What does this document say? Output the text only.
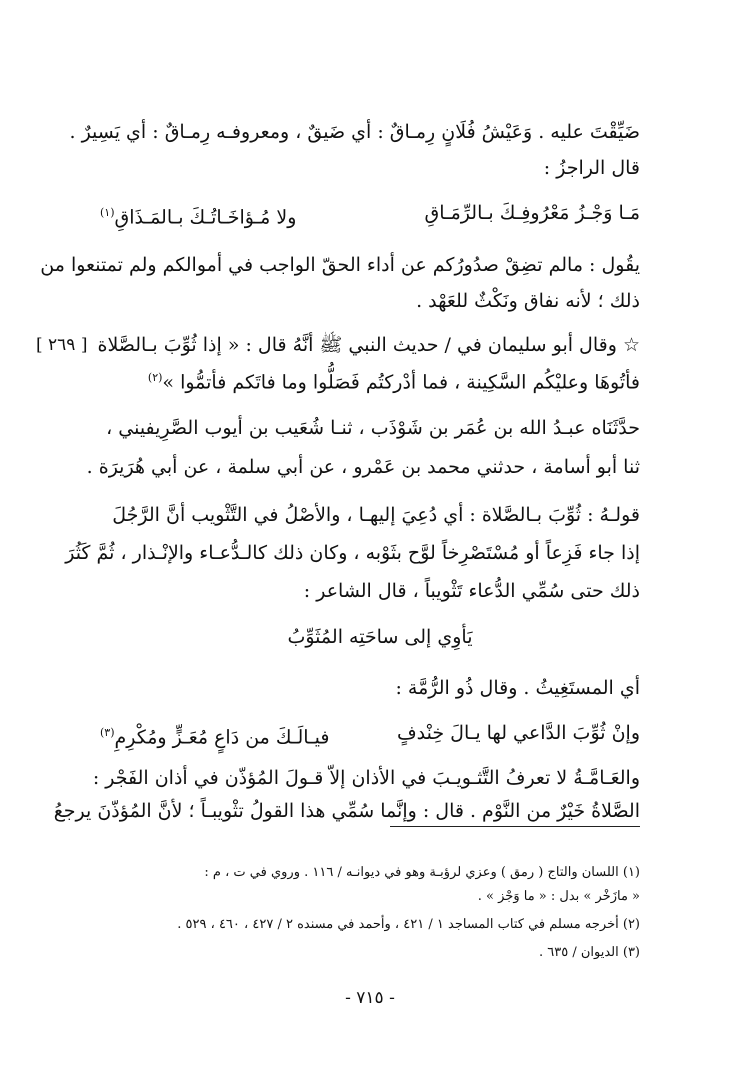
ضَيِّقْتَ عليه . وَعَيْشُ فُلَانٍ رِمـاقٌ : أي ضَيقٌ ، ومعروفـه رِمـاقٌ : أي يَسِيرٌ .
قال الراجزُ :
مَـا وَجْـزُ مَعْرُوفِـكَ بـالرِّمَـاقِ
ولا مُـؤاخَـاتُـكَ بـالمَـذَاقِ$^{(١)}$
يقُول : مالم تضِقْ صدُورُكم عن أداء الحقّ الواجب في أموالكم ولم تمتنعوا من
ذلك ؛ لأنه نفاق ونَكْثٌ للعَهْد .
☆ وقال أبو سليمان في / حديث النبي ﷺ أنَّهُ قال : « إذا ثُوِّبَ بـالصَّلاة
[ ٢٦٩ ]
فأتُوهَا وعليْكُم السَّكِينة ، فما أدْركتُم فَصَلُّوا وما فاتَكم فأتمُّوا »$^{(٢)}$
حدَّثَنَاه عبـدُ الله بن عُمَر بن شَوْذَب ، ثنـا شُعَيب بن أيوب الصَّرِيفيني ،
ثنا أبو أسامة ، حدثني محمد بن عَمْرو ، عن أبي سلمة ، عن أبي هُرَيرَة .
قولـهُ : ثُوِّبَ بـالصَّلاة : أي دُعِيَ إليهـا ، والأصْلُ في التَّثْويب أنَّ الرَّجُلَ
إذا جاء فَزِعاً أو مُسْتَصْرِخاً لوَّح بثَوْبه ، وكان ذلك كالـدُّعـاء والإنْـذار ، ثُمَّ كَثُرَ
ذلك حتى سُمِّي الدُّعاء تَثْويباً ، قال الشاعر :
يَأوِي إلى ساحَتِه المُثَوِّبُ
أي المستَغِيثُ . وقال ذُو الرُّمَّة :
وإنْ ثُوِّبَ الدَّاعي لها يـالَ خِنْدفٍ
فيـالَـكَ من دَاعٍ مُعَـزٍّ ومُكْرِمِ$^{(٣)}$
والعَـامَّـةُ لا تعرفُ التَّثـويـبَ في الأذان إلاّ قـولَ المُؤذّن في أذان الفَجْر :
الصَّلاةُ خَيْرٌ من النَّوْم . قال : وإنَّما سُمِّي هذا القولُ تثْويبـاً ؛ لأنَّ المُؤذّنَ يرجعُ
(١) اللسان والتاج ( رمق ) وعزي لرؤبـة وهو في ديوانـه / ١١٦ . وروي في ت ، م :
« مازَخْر » بدل : « ما وَجْز » .
(٢) أخرجه مسلم في كتاب المساجد ١ / ٤٢١ ، وأحمد في مسنده ٢ / ٤٢٧ ، ٤٦٠ ، ٥٢٩ .
(٣) الديوان / ٦٣٥ .
- ٧١٥ -
